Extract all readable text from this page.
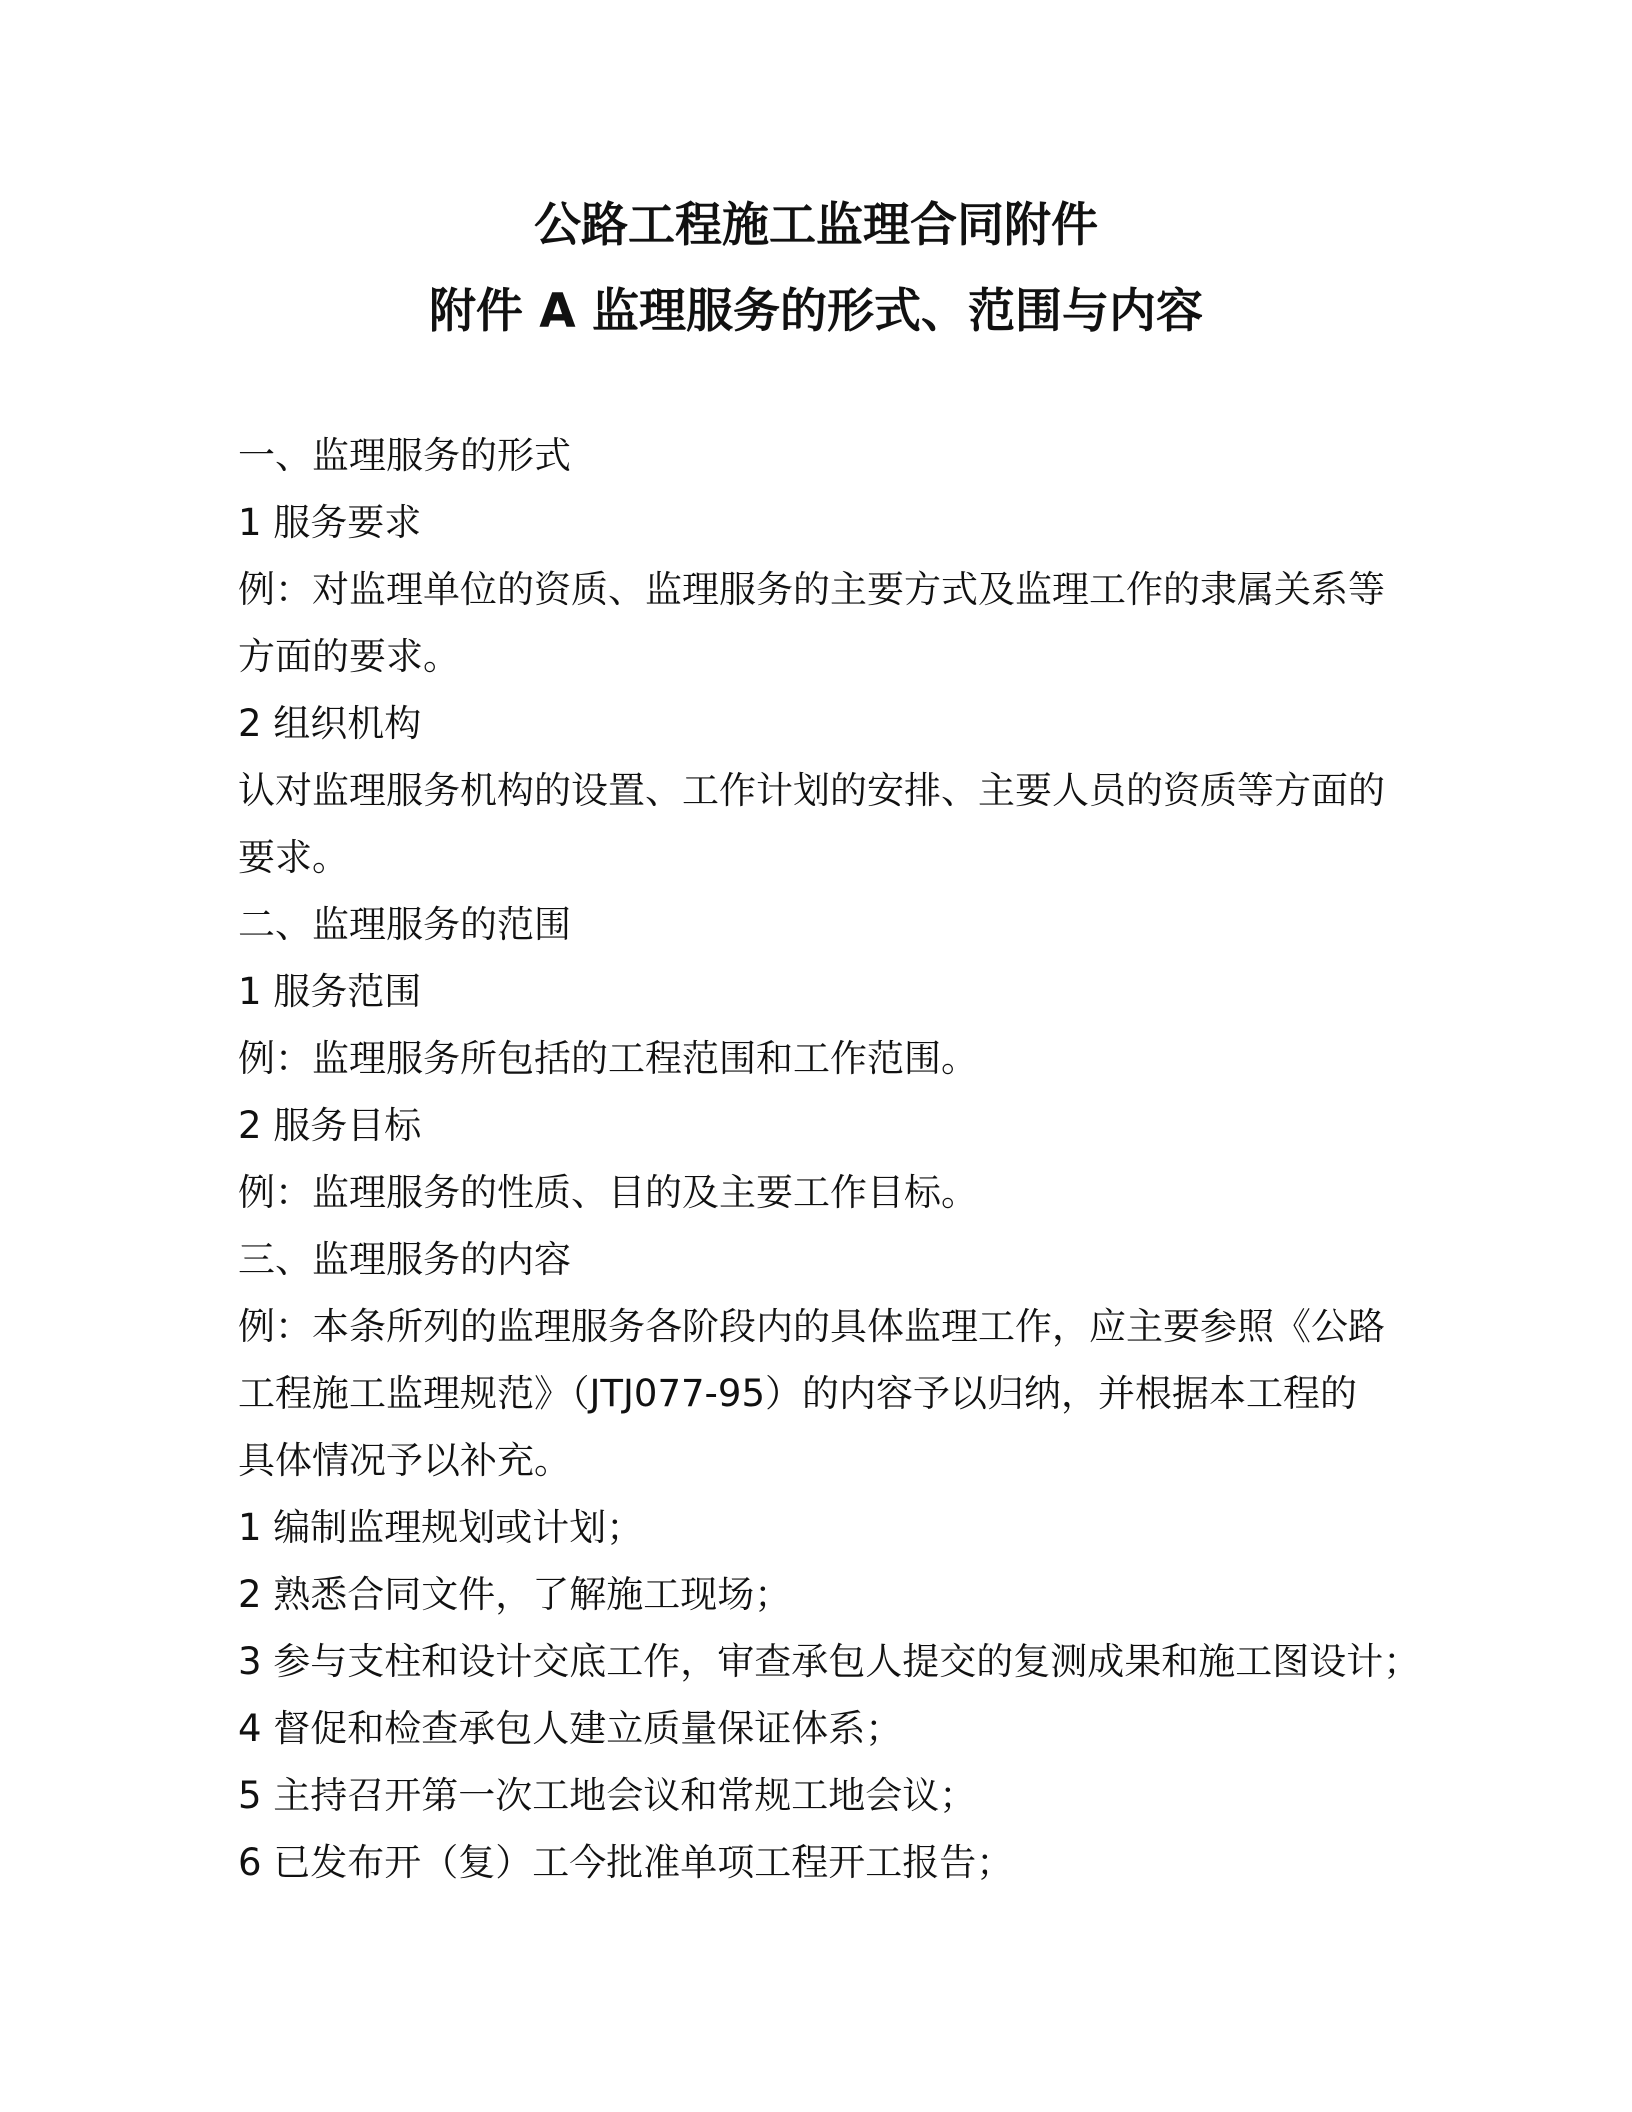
公路工程施工监理合同附件
附件 A 监理服务的形式、范围与内容
一、监理服务的形式
1 服务要求
例：对监理单位的资质、监理服务的主要方式及监理工作的隶属关系等
方面的要求。
2 组织机构
认对监理服务机构的设置、工作计划的安排、主要人员的资质等方面的
要求。
二、监理服务的范围
1 服务范围
例：监理服务所包括的工程范围和工作范围。
2 服务目标
例：监理服务的性质、目的及主要工作目标。
三、监理服务的内容
例：本条所列的监理服务各阶段内的具体监理工作，应主要参照《公路
工程施工监理规范》（JTJ077-95）的内容予以归纳，并根据本工程的
具体情况予以补充。
1 编制监理规划或计划；
2 熟悉合同文件，了解施工现场；
3 参与支柱和设计交底工作，审查承包人提交的复测成果和施工图设计；
4 督促和检查承包人建立质量保证体系；
5 主持召开第一次工地会议和常规工地会议；
6 已发布开（复）工今批准单项工程开工报告；
